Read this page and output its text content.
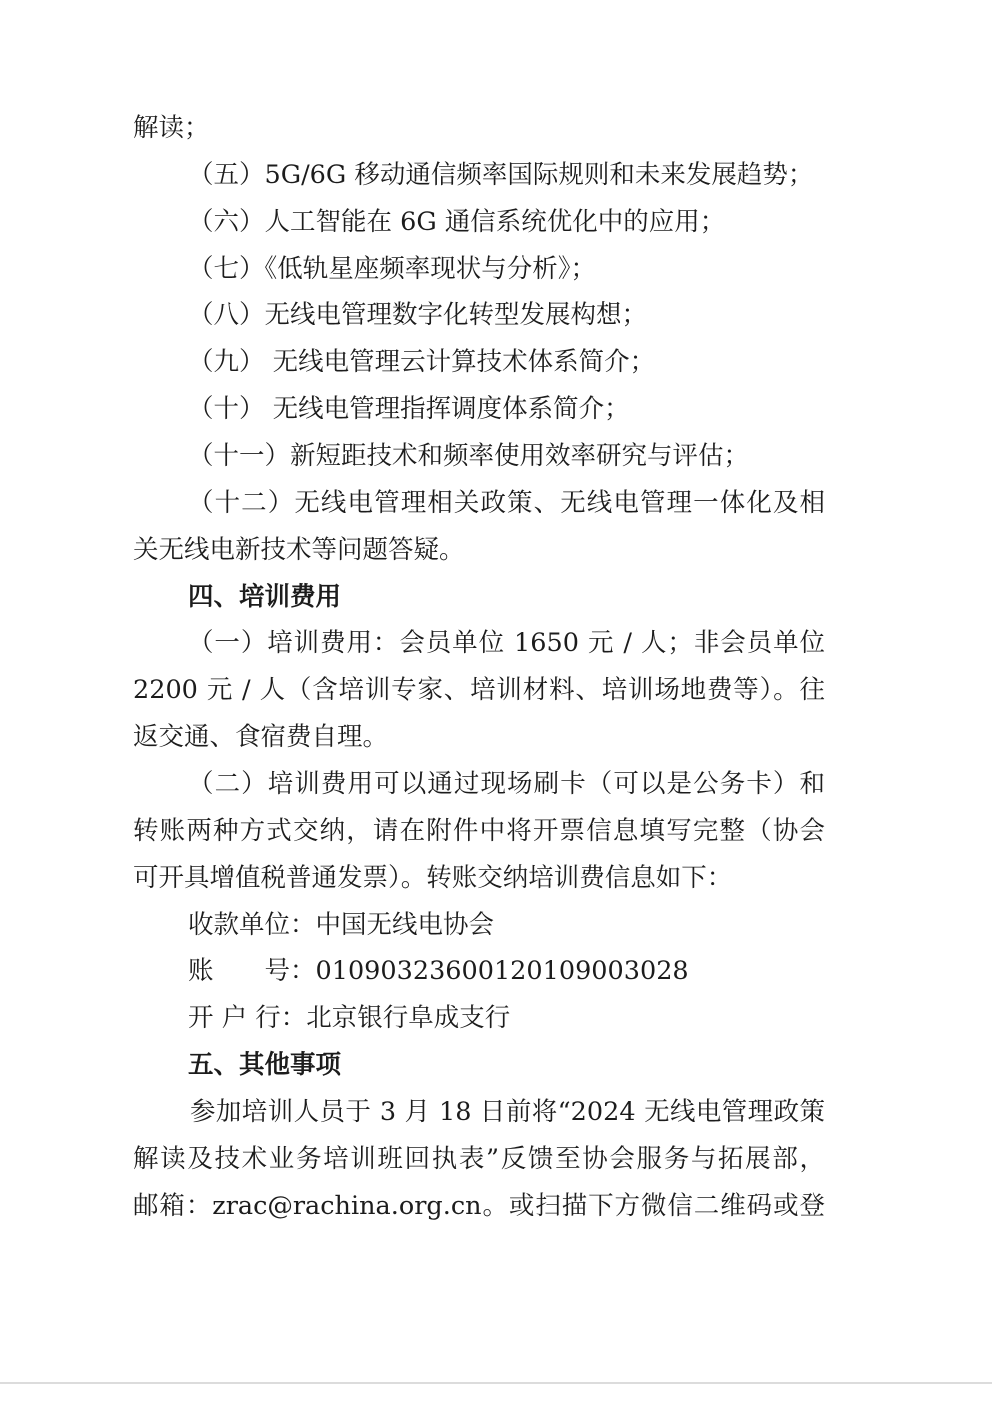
解读；
（五）5G/6G 移动通信频率国际规则和未来发展趋势；
（六）人工智能在 6G 通信系统优化中的应用；
（七）《低轨星座频率现状与分析》；
（八）无线电管理数字化转型发展构想；
（九） 无线电管理云计算技术体系简介；
（十） 无线电管理指挥调度体系简介；
（十一）新短距技术和频率使用效率研究与评估；
（十二）无线电管理相关政策、无线电管理一体化及相
关无线电新技术等问题答疑。
四、培训费用
（一）培训费用：会员单位 1650 元 / 人；非会员单位
2200 元 / 人（含培训专家、培训材料、培训场地费等）。往
返交通、食宿费自理。
（二）培训费用可以通过现场刷卡（可以是公务卡）和
转账两种方式交纳，请在附件中将开票信息填写完整（协会
可开具增值税普通发票）。转账交纳培训费信息如下：
收款单位：中国无线电协会
账　　号：01090323600120109003028
开 户 行：北京银行阜成支行
五、其他事项
参加培训人员于 3 月 18 日前将“2024 无线电管理政策
解读及技术业务培训班回执表”反馈至协会服务与拓展部，
邮箱：zrac@rachina.org.cn。或扫描下方微信二维码或登
